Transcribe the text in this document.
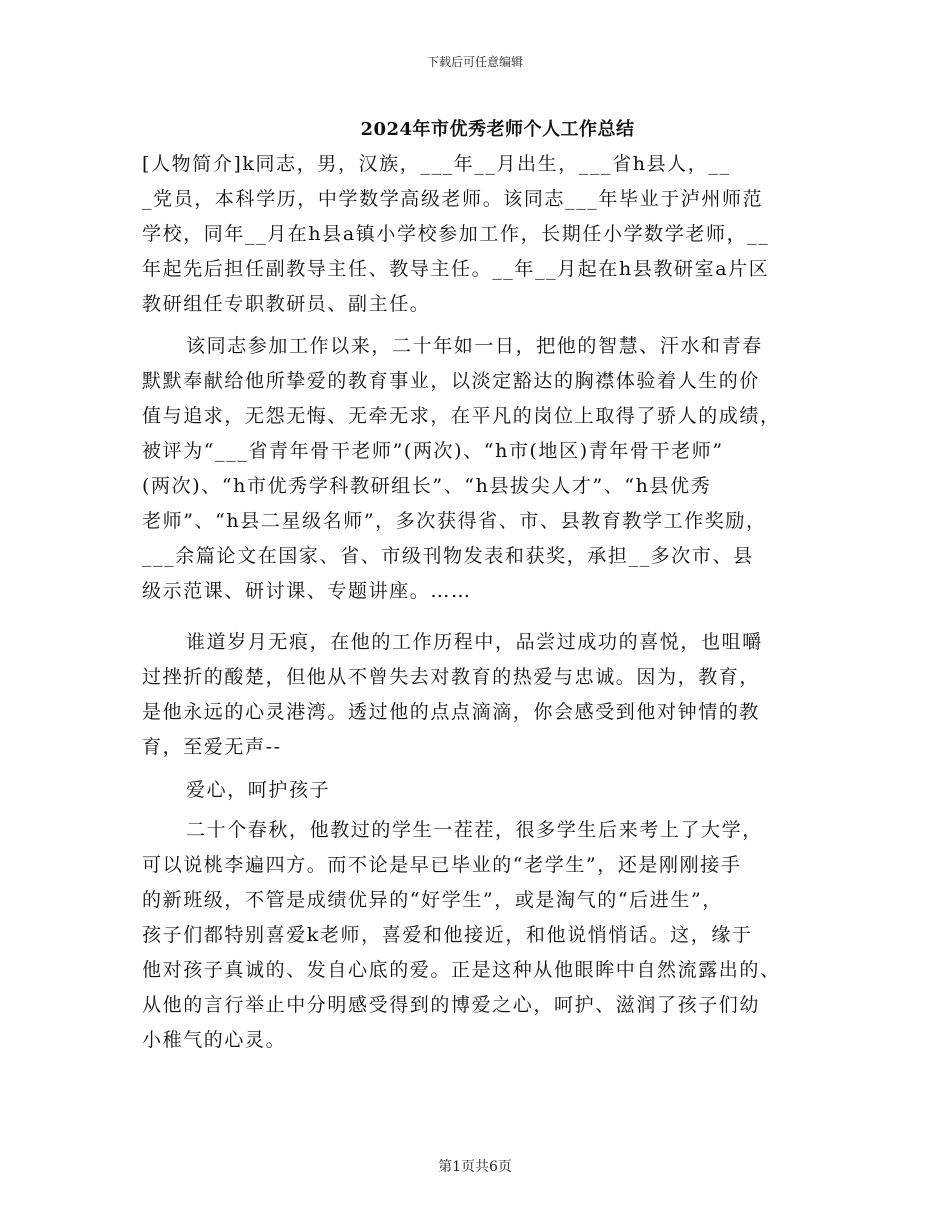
下载后可任意编辑
2024年市优秀老师个人工作总结
[人物简介]k同志，男，汉族，___年__月出生，___省h县人，__
_党员，本科学历，中学数学高级老师。该同志___年毕业于泸州师范
学校，同年__月在h县a镇小学校参加工作，长期任小学数学老师，__
年起先后担任副教导主任、教导主任。__年__月起在h县教研室a片区
教研组任专职教研员、副主任。
该同志参加工作以来，二十年如一日，把他的智慧、汗水和青春
默默奉献给他所挚爱的教育事业，以淡定豁达的胸襟体验着人生的价
值与追求，无怨无悔、无牵无求，在平凡的岗位上取得了骄人的成绩，
被评为“___省青年骨干老师”(两次)、“h市(地区)青年骨干老师”
(两次)、“h市优秀学科教研组长”、“h县拔尖人才”、“h县优秀
老师”、“h县二星级名师”，多次获得省、市、县教育教学工作奖励，
___余篇论文在国家、省、市级刊物发表和获奖，承担__多次市、县
级示范课、研讨课、专题讲座。……
谁道岁月无痕，在他的工作历程中，品尝过成功的喜悦，也咀嚼
过挫折的酸楚，但他从不曾失去对教育的热爱与忠诚。因为，教育，
是他永远的心灵港湾。透过他的点点滴滴，你会感受到他对钟情的教
育，至爱无声--
爱心，呵护孩子
二十个春秋，他教过的学生一茬茬，很多学生后来考上了大学，
可以说桃李遍四方。而不论是早已毕业的“老学生”，还是刚刚接手
的新班级，不管是成绩优异的“好学生”，或是淘气的“后进生”，
孩子们都特别喜爱k老师，喜爱和他接近，和他说悄悄话。这，缘于
他对孩子真诚的、发自心底的爱。正是这种从他眼眸中自然流露出的、
从他的言行举止中分明感受得到的博爱之心，呵护、滋润了孩子们幼
小稚气的心灵。
第1页共6页
